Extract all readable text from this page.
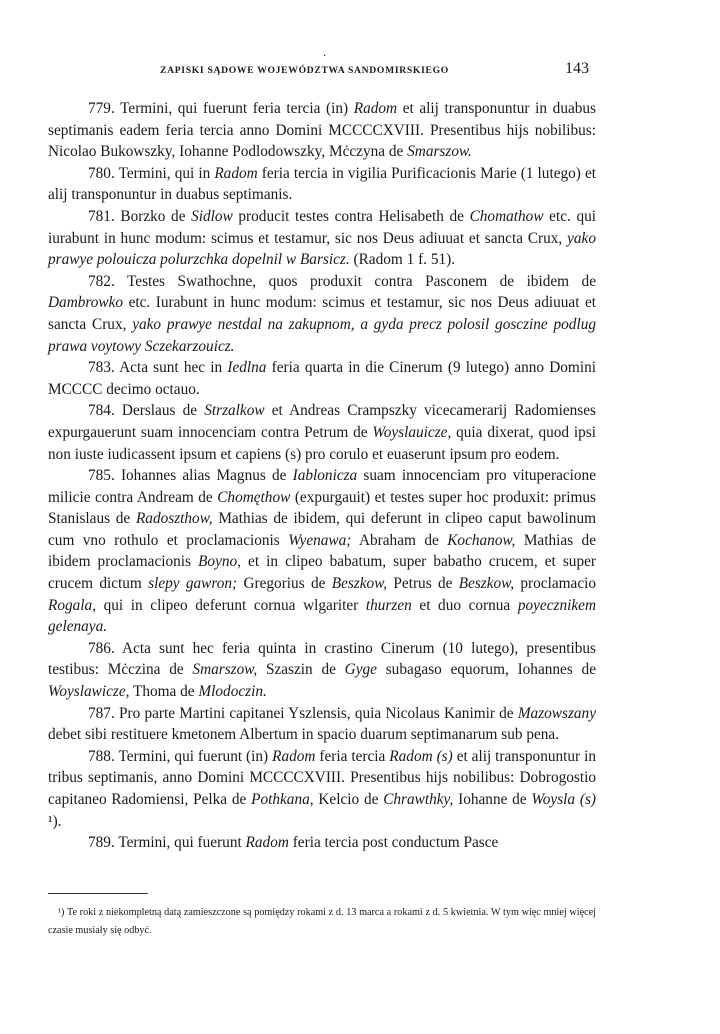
.
ZAPISKI SĄDOWE WOJEWÓDZTWA SANDOMIRSKIEGO	143

779. Termini, qui fuerunt feria tercia (in) Radom et alij transponuntur in duabus septimanis eadem feria tercia anno Domini MCCCCXVIII. Presentibus hijs nobilibus: Nicolao Bukowszky, Iohanne Podlodowszky, Mċczyna de Smarszow.

780. Termini, qui in Radom feria tercia in vigilia Purificacionis Marie (1 lutego) et alij transponuntur in duabus septimanis.

781. Borzko de Sidlow producit testes contra Helisabeth de Chomathow etc. qui iurabunt in hunc modum: scimus et testamur, sic nos Deus adiuuat et sancta Crux, yako prawye polouicza polurzchka dopelnil w Barsicz. (Radom 1 f. 51).

782. Testes Swathochne, quos produxit contra Pasconem de ibidem de Dambrowko etc. Iurabunt in hunc modum: scimus et testamur, sic nos Deus adiuuat et sancta Crux, yako prawye nestdal na zakupnom, a gyda precz polosil gosczine podlug prawa voytowy Sczekarzouicz.

783. Acta sunt hec in Iedlna feria quarta in die Cinerum (9 lutego) anno Domini MCCCC decimo octauo.

784. Derslaus de Strzalkow et Andreas Crampszky vicecamerarij Radomienses expurgauerunt suam innocenciam contra Petrum de Woyslauicze, quia dixerat, quod ipsi non iuste iudicassent ipsum et capiens (s) pro corulo et euaserunt ipsum pro eodem.

785. Iohannes alias Magnus de Iablonicza suam innocenciam pro vituperacione milicie contra Andream de Chomęthow (expurgauit) et testes super hoc produxit: primus Stanislaus de Radoszthow, Mathias de ibidem, qui deferunt in clipeo caput bawolinum cum vno rothulo et proclamacionis Wyenawa; Abraham de Kochanow, Mathias de ibidem proclamacionis Boyno, et in clipeo babatum, super babatho crucem, et super crucem dictum slepy gawron; Gregorius de Beszkow, Petrus de Beszkow, proclamacio Rogala, qui in clipeo deferunt cornua wlgariter thurzen et duo cornua poyecznikem gelenaya.

786. Acta sunt hec feria quinta in crastino Cinerum (10 lutego), presentibus testibus: Mċczina de Smarszow, Szaszin de Gyge subagaso equorum, Iohannes de Woyslawicze, Thoma de Mlodoczin.

787. Pro parte Martini capitanei Yszlensis, quia Nicolaus Kanimir de Mazowszany debet sibi restituere kmetonem Albertum in spacio duarum septimanarum sub pena.

788. Termini, qui fuerunt (in) Radom feria tercia Radom (s) et alij transponuntur in tribus septimanis, anno Domini MCCCCXVIII. Presentibus hijs nobilibus: Dobrogostio capitaneo Radomiensi, Pelka de Pothkana, Kelcio de Chrawthky, Iohanne de Woysla (s) ¹).

789. Termini, qui fuerunt Radom feria tercia post conductum Pasce

¹) Te roki z niekompletną datą zamieszczone są pomiędzy rokami z d. 13 marca a rokami z d. 5 kwietnia. W tym więc mniej więcej czasie musiały się odbyć.
